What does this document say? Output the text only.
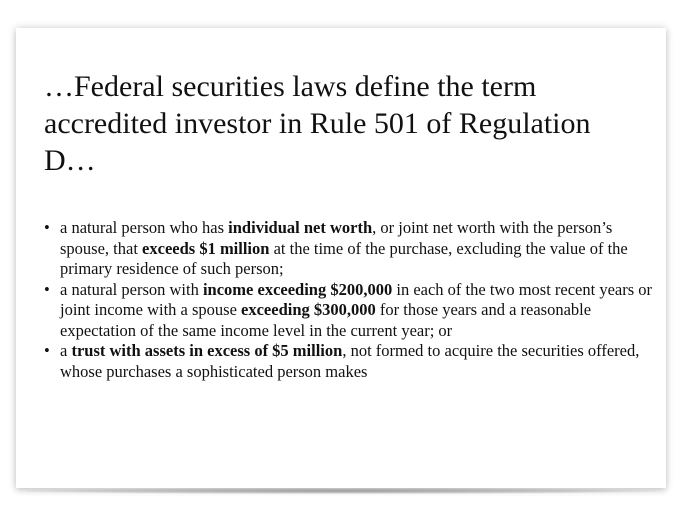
…Federal securities laws define the term accredited investor in Rule 501 of Regulation D…
• a natural person who has individual net worth, or joint net worth with the person’s spouse, that exceeds $1 million at the time of the purchase, excluding the value of the primary residence of such person;
• a natural person with income exceeding $200,000 in each of the two most recent years or joint income with a spouse exceeding $300,000 for those years and a reasonable expectation of the same income level in the current year; or
• a trust with assets in excess of $5 million, not formed to acquire the securities offered, whose purchases a sophisticated person makes
